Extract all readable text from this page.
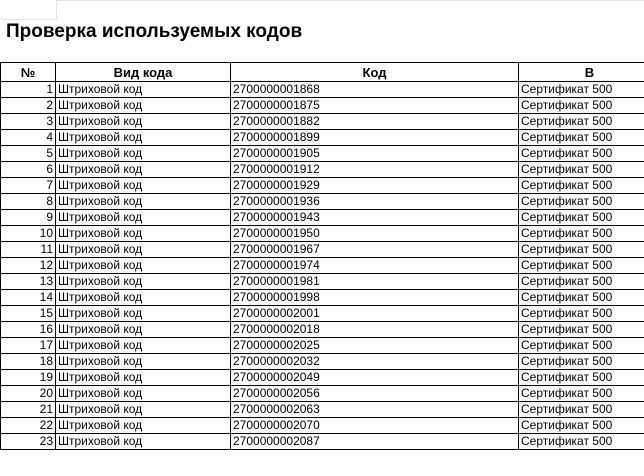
Проверка используемых кодов
№	Вид кода	Код	В
1	Штриховой код	2700000001868	Сертификат 500
2	Штриховой код	2700000001875	Сертификат 500
3	Штриховой код	2700000001882	Сертификат 500
4	Штриховой код	2700000001899	Сертификат 500
5	Штриховой код	2700000001905	Сертификат 500
6	Штриховой код	2700000001912	Сертификат 500
7	Штриховой код	2700000001929	Сертификат 500
8	Штриховой код	2700000001936	Сертификат 500
9	Штриховой код	2700000001943	Сертификат 500
10	Штриховой код	2700000001950	Сертификат 500
11	Штриховой код	2700000001967	Сертификат 500
12	Штриховой код	2700000001974	Сертификат 500
13	Штриховой код	2700000001981	Сертификат 500
14	Штриховой код	2700000001998	Сертификат 500
15	Штриховой код	2700000002001	Сертификат 500
16	Штриховой код	2700000002018	Сертификат 500
17	Штриховой код	2700000002025	Сертификат 500
18	Штриховой код	2700000002032	Сертификат 500
19	Штриховой код	2700000002049	Сертификат 500
20	Штриховой код	2700000002056	Сертификат 500
21	Штриховой код	2700000002063	Сертификат 500
22	Штриховой код	2700000002070	Сертификат 500
23	Штриховой код	2700000002087	Сертификат 500
